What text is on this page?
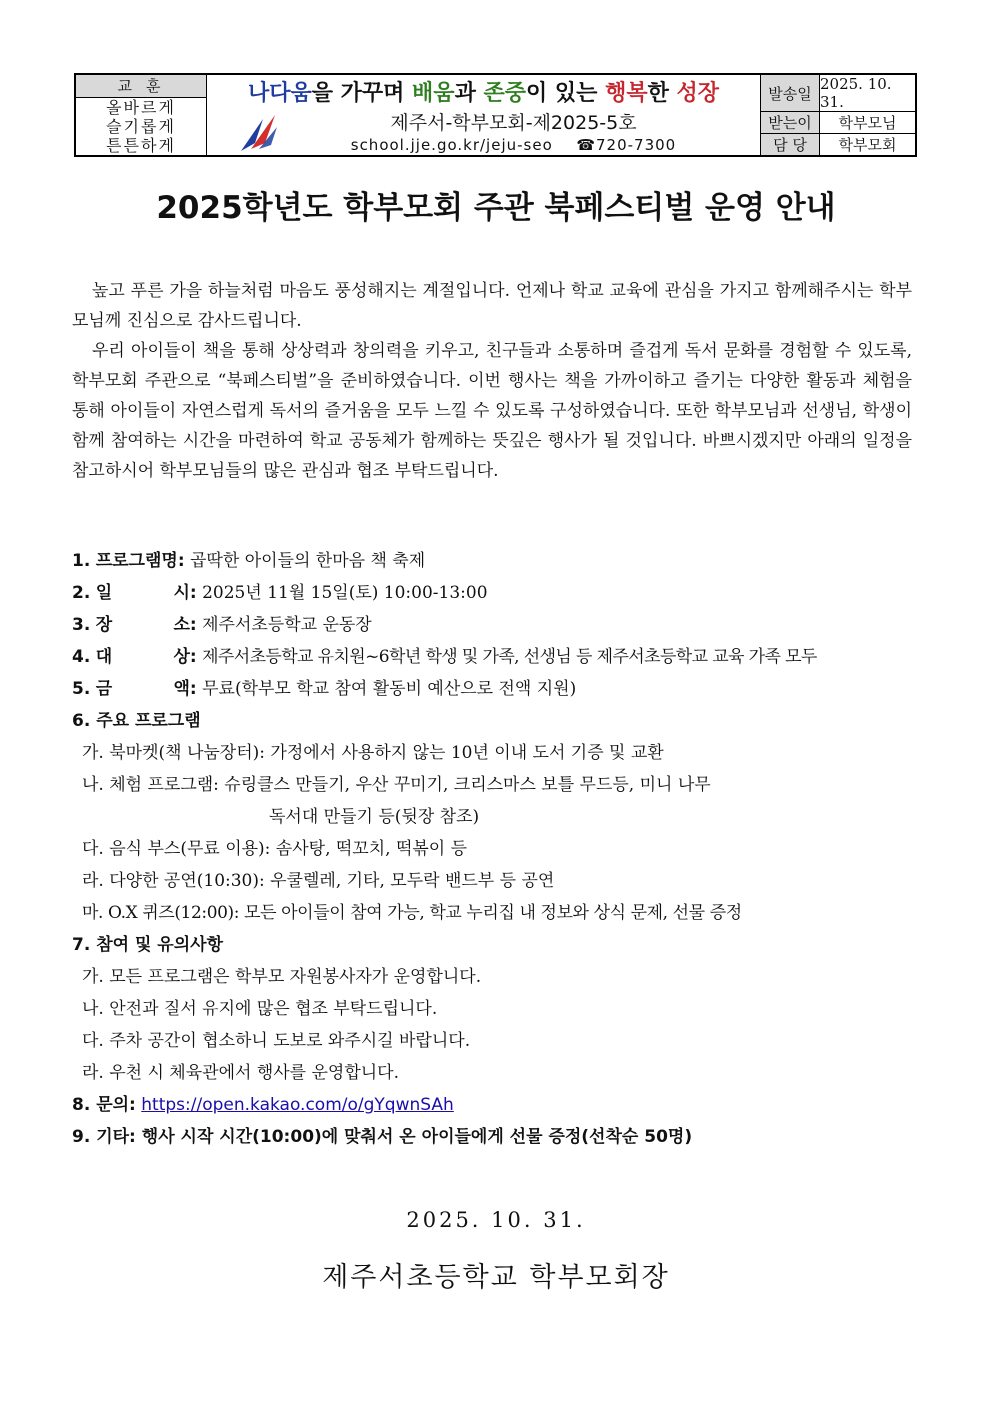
교훈
올바르게
슬기롭게
튼튼하게
나다움을 가꾸며 배움과 존중이 있는 행복한 성장
제주서-학부모회-제2025-5호
school.jje.go.kr/jeju-seo ☎720-7300
발송일
2025. 10. 31.
받는이	학부모님
담 당	학부모회
2025학년도 학부모회 주관 북페스티벌 운영 안내

높고 푸른 가을 하늘처럼 마음도 풍성해지는 계절입니다. 언제나 학교 교육에 관심을 가지고 함께해주시는 학부모님께 진심으로 감사드립니다.

우리 아이들이 책을 통해 상상력과 창의력을 키우고, 친구들과 소통하며 즐겁게 독서 문화를 경험할 수 있도록, 학부모회 주관으로 “북페스티벌”을 준비하였습니다. 이번 행사는 책을 가까이하고 즐기는 다양한 활동과 체험을 통해 아이들이 자연스럽게 독서의 즐거움을 모두 느낄 수 있도록 구성하였습니다. 또한 학부모님과 선생님, 학생이 함께 참여하는 시간을 마련하여 학교 공동체가 함께하는 뜻깊은 행사가 될 것입니다. 바쁘시겠지만 아래의 일정을 참고하시어 학부모님들의 많은 관심과 협조 부탁드립니다.

1. 프로그램명: 곱딱한 아이들의 한마음 책 축제
2. 일	시: 2025년 11월 15일(토) 10:00-13:00
3. 장	소: 제주서초등학교 운동장
4. 대	상: 제주서초등학교 유치원~6학년 학생 및 가족, 선생님 등 제주서초등학교 교육 가족 모두
5. 금	액: 무료(학부모 학교 참여 활동비 예산으로 전액 지원)
6. 주요 프로그램
가. 북마켓(책 나눔장터): 가정에서 사용하지 않는 10년 이내 도서 기증 및 교환
나. 체험 프로그램: 슈링클스 만들기, 우산 꾸미기, 크리스마스 보틀 무드등, 미니 나무
독서대 만들기 등(뒷장 참조)
다. 음식 부스(무료 이용): 솜사탕, 떡꼬치, 떡볶이 등
라. 다양한 공연(10:30): 우쿨렐레, 기타, 모두락 밴드부 등 공연
마. O.X 퀴즈(12:00): 모든 아이들이 참여 가능, 학교 누리집 내 정보와 상식 문제, 선물 증정
7. 참여 및 유의사항
가. 모든 프로그램은 학부모 자원봉사자가 운영합니다.
나. 안전과 질서 유지에 많은 협조 부탁드립니다.
다. 주차 공간이 협소하니 도보로 와주시길 바랍니다.
라. 우천 시 체육관에서 행사를 운영합니다.
8. 문의: https://open.kakao.com/o/gYqwnSAh
9. 기타: 행사 시작 시간(10:00)에 맞춰서 온 아이들에게 선물 증정(선착순 50명)
2025. 10. 31.
제주서초등학교 학부모회장
